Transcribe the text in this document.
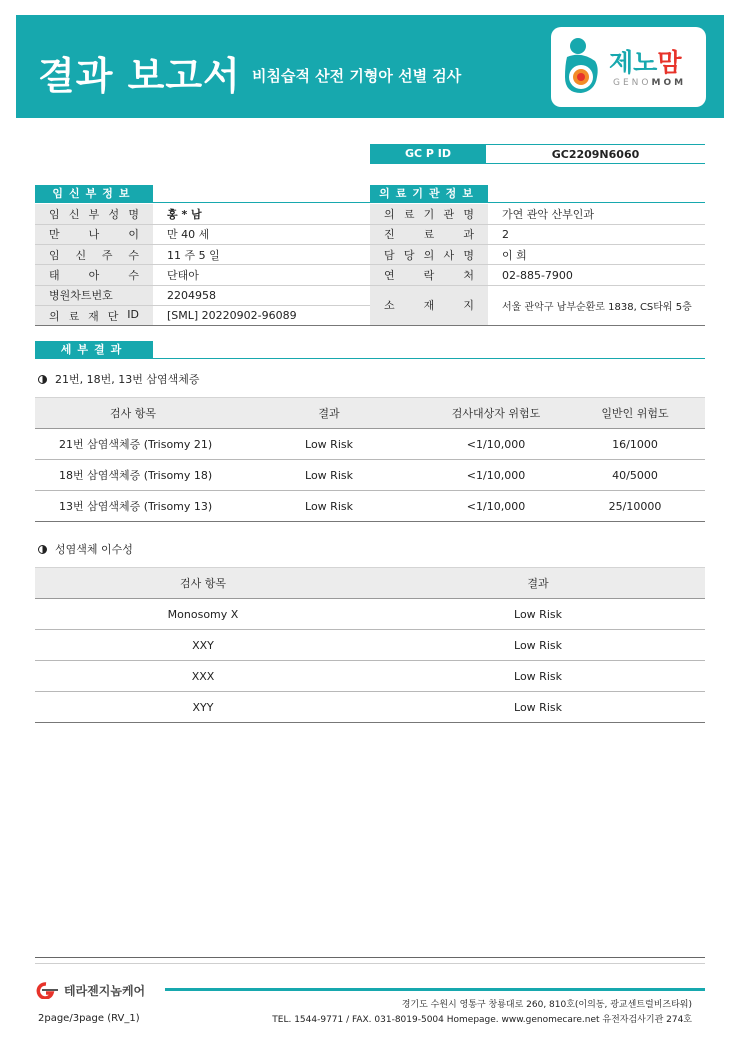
결과 보고서 비침습적 산전 기형아 선별 검사	제노맘
GENOMOM
GC P ID	GC2209N6060
임신부정보
임 신 부 성 명	홍 * 남

만 나 이	만 40 세

임 신 주 수	11 주 5 일

태 아 수	단태아
병원차트번호	2204958

의 료 재 단 ID	[SML] 20220902-96089
의료기관정보
의 료 기 관 명	가연 관악 산부인과

진 료 과	2

담 당 의 사 명	이 희

연 락 처	02-885-7900

소 재 지	서울 관악구 남부순환로 1838, CS타워 5층
세부결과
21번, 18번, 13번 삼염색체증
검사 항목	결과	검사대상자 위험도	일반인 위험도
21번 삼염색체증 (Trisomy 21)	Low Risk	<1/10,000	16/1000
18번 삼염색체증 (Trisomy 18)	Low Risk	<1/10,000	40/5000
13번 삼염색체증 (Trisomy 13)	Low Risk	<1/10,000	25/10000
성염색체 이수성
검사 항목	결과
Monosomy X	Low Risk
XXY	Low Risk
XXX	Low Risk
XYY	Low Risk
테라젠지놈케어
2page/3page (RV_1)
경기도 수원시 영통구 창룡대로 260, 810호(이의동, 광교센트럴비즈타워)
TEL. 1544-9771 / FAX. 031-8019-5004 Homepage. www.genomecare.net 유전자검사기관 274호
